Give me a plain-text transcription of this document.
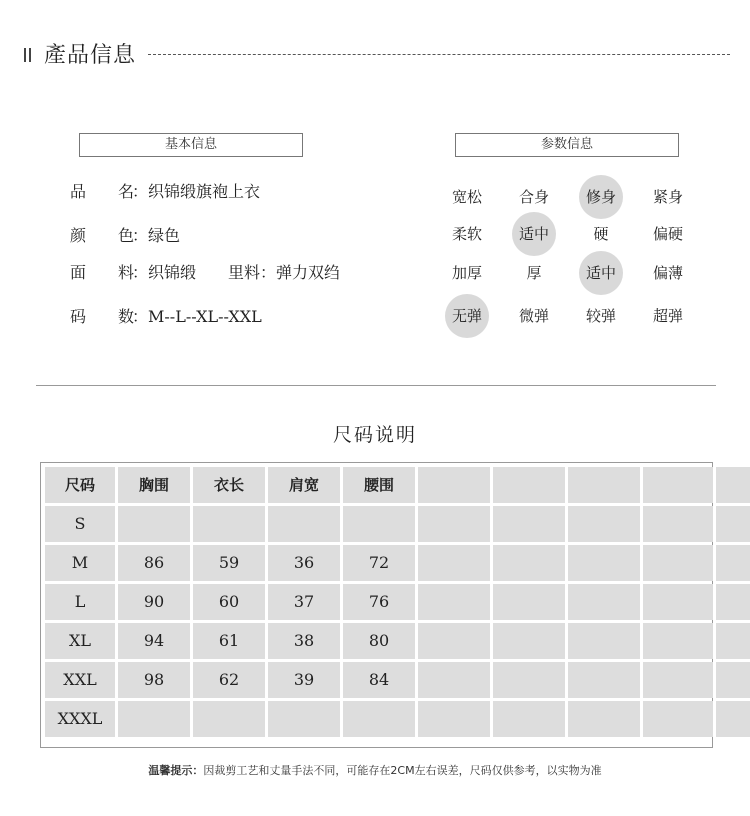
產品信息
基本信息
品 名
：织锦缎旗袍上衣
颜 色
：绿色
面 料
：织锦缎　　里料：弹力双绉
码 数
：M--L--XL--XXL
参数信息
宽松	合身	修身	紧身
柔软	适中	硬	偏硬
加厚	厚	适中	偏薄
无弹	微弹	较弹	超弹
尺码说明
尺码	胸围	衣长	肩宽	腰围
S
M	86	59	36	72
L	90	60	37	76
XL	94	61	38	80
XXL	98	62	39	84
XXXL
温馨提示：因裁剪工艺和丈量手法不同，可能存在2CM左右误差，尺码仅供参考，以实物为准
